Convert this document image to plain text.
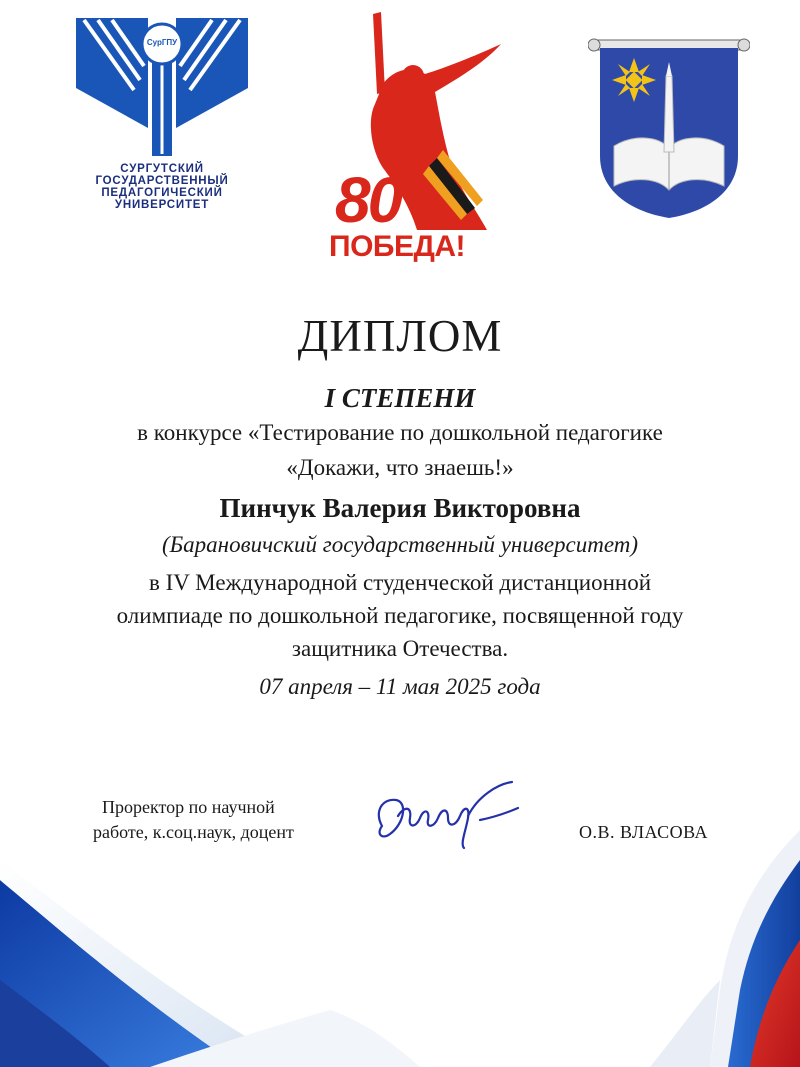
СурГПУ
СУРГУТСКИЙ
ГОСУДАРСТВЕННЫЙ
ПЕДАГОГИЧЕСКИЙ
УНИВЕРСИТЕТ	80
ПОБЕДА!
ДИПЛОМ
I СТЕПЕНИ
в конкурсе «Тестирование по дошкольной педагогике
«Докажи, что знаешь!»
Пинчук Валерия Викторовна
(Барановичский государственный университет)
в IV Международной студенческой дистанционной
олимпиаде по дошкольной педагогике, посвященной году
защитника Отечества.
07 апреля – 11 мая 2025 года
Проректор по научной
работе, к.соц.наук, доцент	О.В. ВЛАСОВА
